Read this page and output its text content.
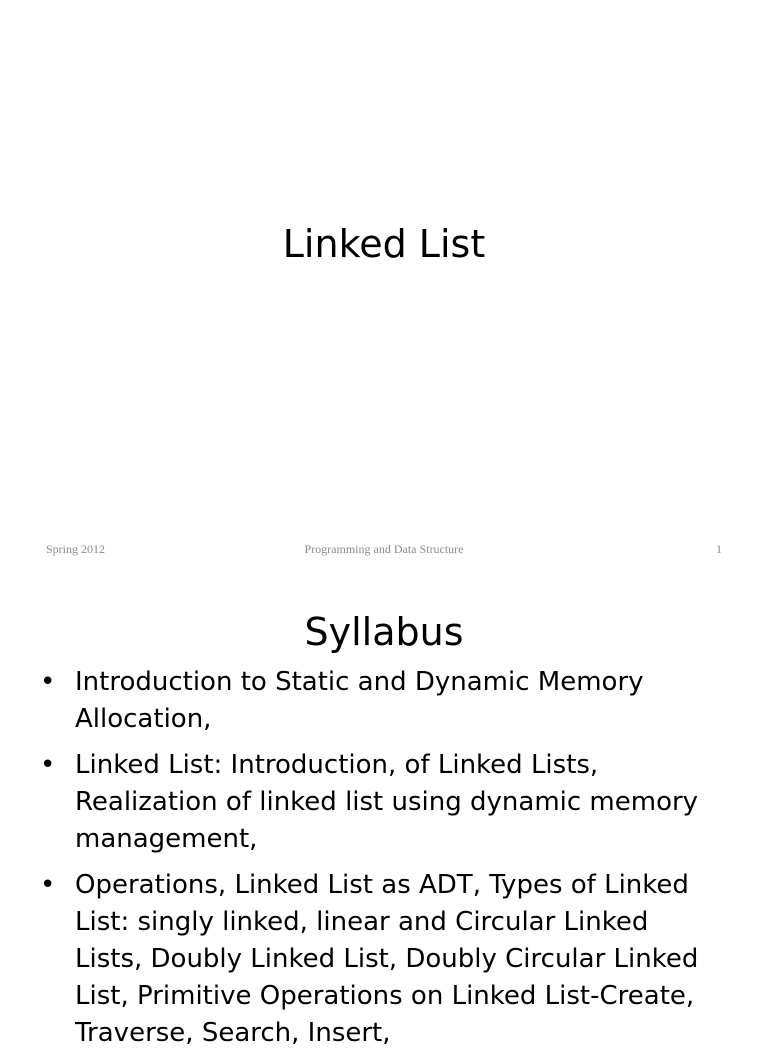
Linked List
Spring 2012	Programming and Data Structure	1
Syllabus
• Introduction to Static and Dynamic Memory Allocation,
• Linked List: Introduction, of Linked Lists, Realization of linked list using dynamic memory management,
• Operations, Linked List as ADT, Types of Linked List: singly linked, linear and Circular Linked Lists, Doubly Linked List, Doubly Circular Linked List, Primitive Operations on Linked List-Create, Traverse, Search, Insert,
